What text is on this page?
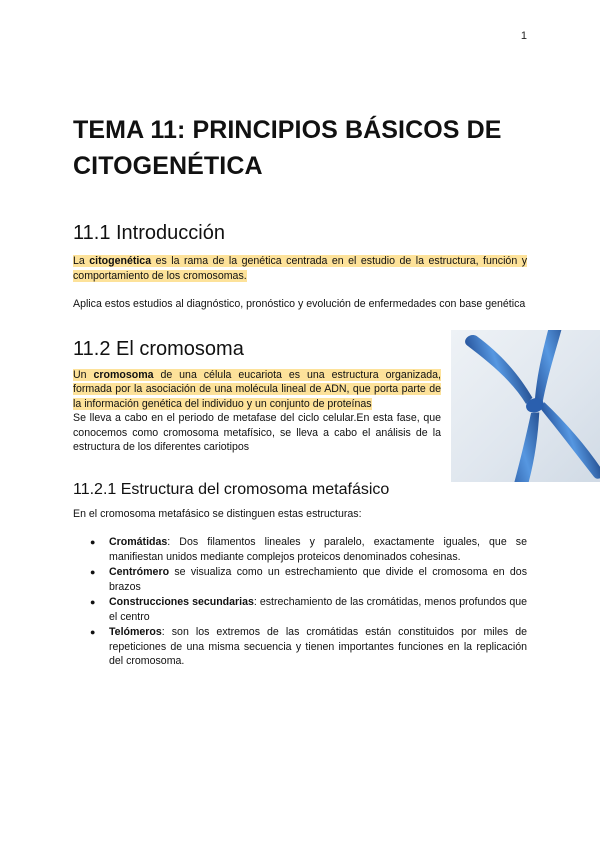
1
TEMA 11: PRINCIPIOS BÁSICOS DE CITOGENÉTICA
11.1 Introducción

La citogenética es la rama de la genética centrada en el estudio de la estructura, función y comportamiento de los cromosomas.

Aplica estos estudios al diagnóstico, pronóstico y evolución de enfermedades con base genética

11.2 El cromosoma

Un cromosoma de una célula eucariota es una estructura organizada, formada por la asociación de una molécula lineal de ADN, que porta parte de la información genética del individuo y un conjunto de proteínas

Se lleva a cabo en el periodo de metafase del ciclo celular.En esta fase, que conocemos como cromosoma metafísico, se lleva a cabo el análisis de la estructura de los diferentes cariotipos

11.2.1 Estructura del cromosoma metafásico

En el cromosoma metafásico se distinguen estas estructuras:

● Cromátidas: Dos filamentos lineales y paralelo, exactamente iguales, que se manifiestan unidos mediante complejos proteicos denominados cohesinas.
● Centrómero se visualiza como un estrechamiento que divide el cromosoma en dos brazos
● Construcciones secundarias: estrechamiento de las cromátidas, menos profundos que el centro
● Telómeros: son los extremos de las cromátidas están constituidos por miles de repeticiones de una misma secuencia y tienen importantes funciones en la replicación del cromosoma.
